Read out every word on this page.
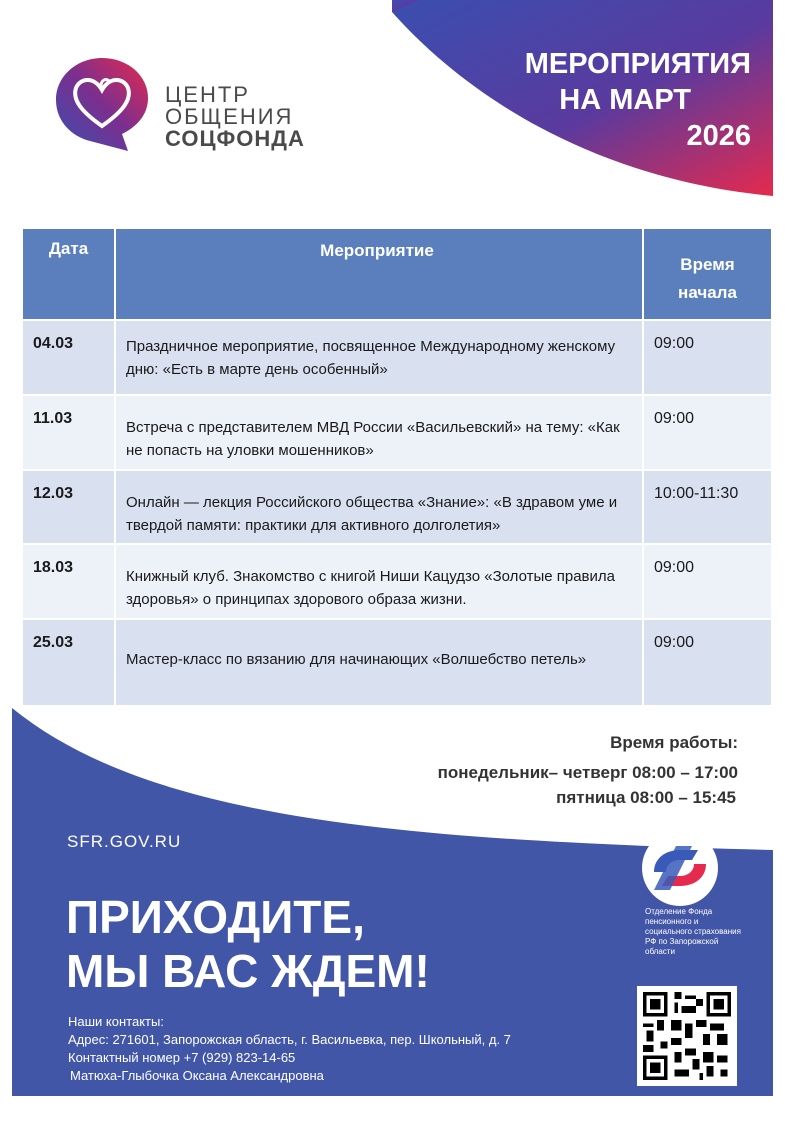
МЕРОПРИЯТИЯ
НА МАРТ
2026
ЦЕНТР
ОБЩЕНИЯ
СОЦФОНДА
Дата	Мероприятие	Время начала

04.03	Праздничное мероприятие, посвященное Международному женскому дню: «Есть в марте день особенный»	09:00
11.03	Встреча с представителем МВД России «Васильевский» на тему: «Как не попасть на уловки мошенников»	09:00
12.03	Онлайн — лекция Российского общества «Знание»: «В здравом уме и твердой памяти: практики для активного долголетия»	10:00-11:30
18.03	Книжный клуб. Знакомство с книгой Ниши Кацудзо «Золотые правила здоровья» о принципах здорового образа жизни.	09:00
25.03	Мастер-класс по вязанию для начинающих «Волшебство петель»	09:00
Время работы:
понедельник– четверг 08:00 – 17:00
пятница 08:00 – 15:45
SFR.GOV.RU
ПРИХОДИТЕ,
МЫ ВАС ЖДЕМ!
Наши контакты:
Адрес: 271601, Запорожская область, г. Васильевка, пер. Школьный, д. 7
Контактный номер +7 (929) 823-14-65
Матюха-Глыбочка Оксана Александровна
Отделение Фонда пенсионного и социального страхования РФ по Запорожской области
